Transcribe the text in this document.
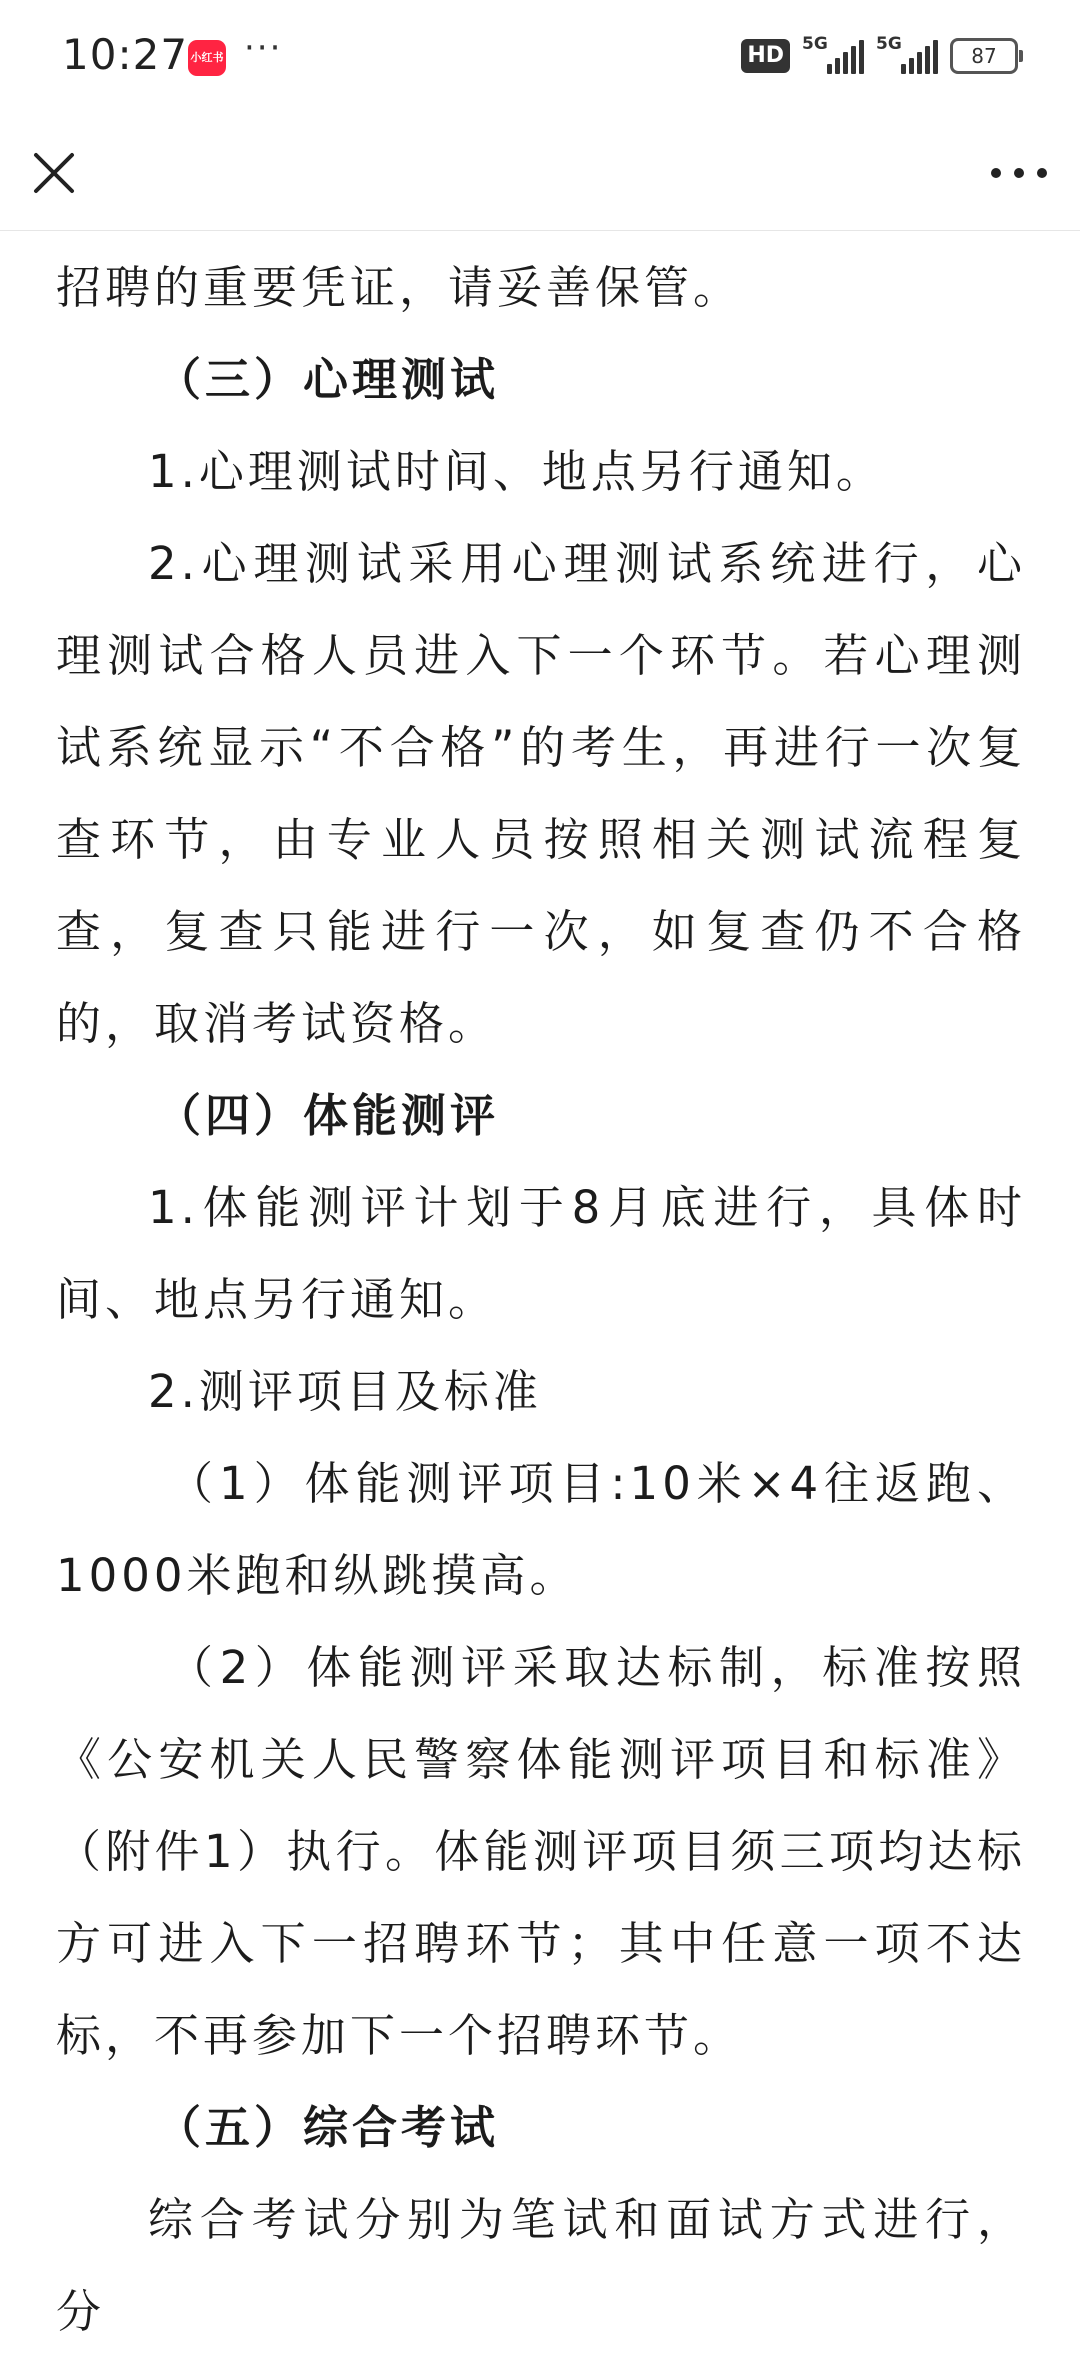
10:27 小红书 ···	HD	5G	5G	87

招聘的重要凭证，请妥善保管。

（三）心理测试

1.心理测试时间、地点另行通知。

2.心理测试采用心理测试系统进行，心理测试合格人员进入下一个环节。若心理测试系统显示“不合格”的考生，再进行一次复查环节，由专业人员按照相关测试流程复查，复查只能进行一次，如复查仍不合格的，取消考试资格。

（四）体能测评

1.体能测评计划于8月底进行，具体时间、地点另行通知。

2.测评项目及标准

（1）体能测评项目:10米×4往返跑、1000米跑和纵跳摸高。

（2）体能测评采取达标制，标准按照《公安机关人民警察体能测评项目和标准》（附件1）执行。体能测评项目须三项均达标方可进入下一招聘环节；其中任意一项不达标，不再参加下一个招聘环节。

（五）综合考试

综合考试分别为笔试和面试方式进行，分
